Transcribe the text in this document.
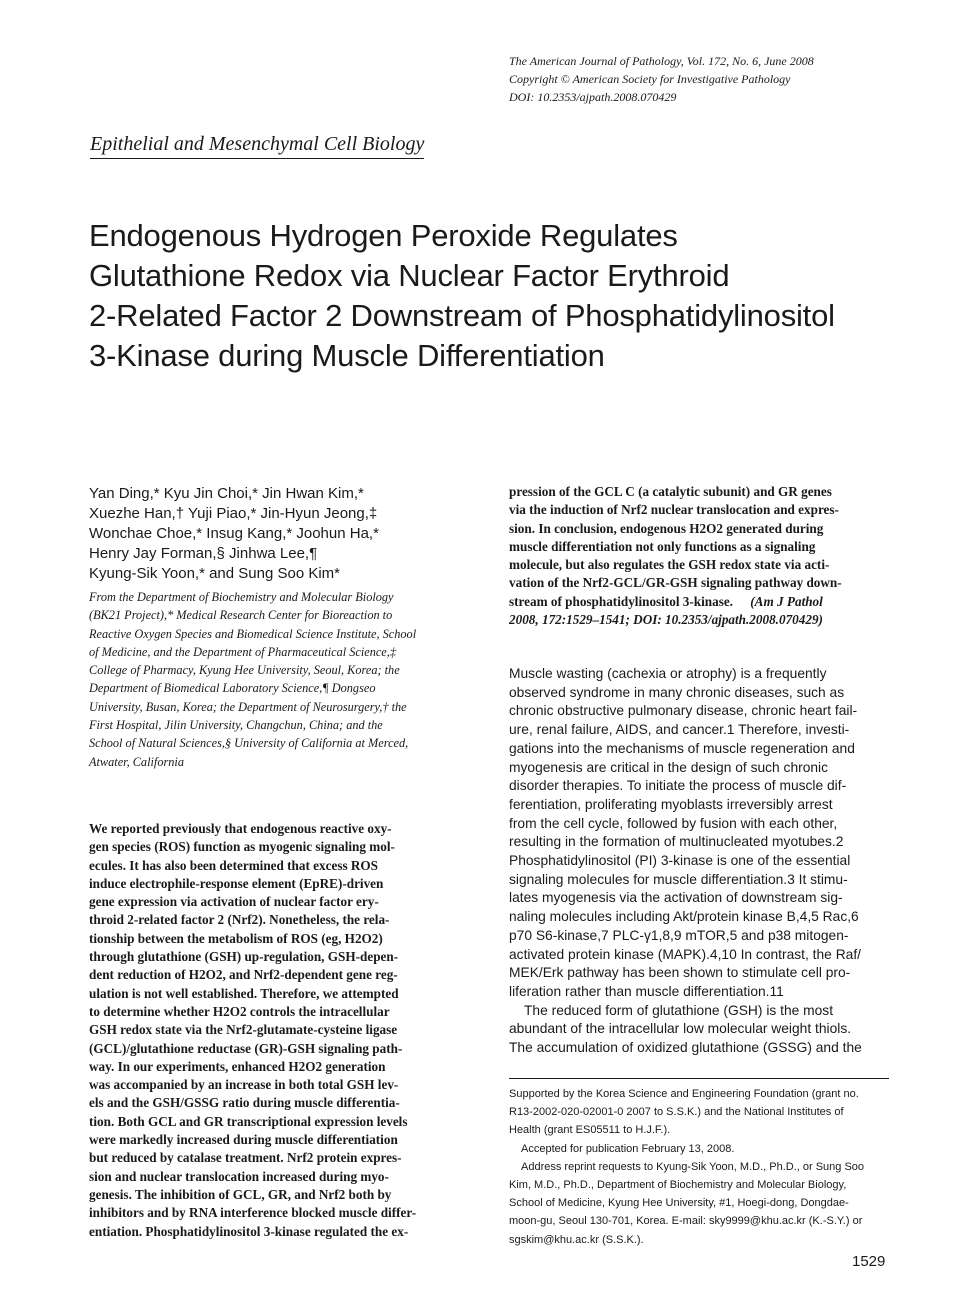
The American Journal of Pathology, Vol. 172, No. 6, June 2008
Copyright © American Society for Investigative Pathology
DOI: 10.2353/ajpath.2008.070429
Epithelial and Mesenchymal Cell Biology
Endogenous Hydrogen Peroxide Regulates
Glutathione Redox via Nuclear Factor Erythroid
2-Related Factor 2 Downstream of Phosphatidylinositol
3-Kinase during Muscle Differentiation
Yan Ding,* Kyu Jin Choi,* Jin Hwan Kim,*
Xuezhe Han,† Yuji Piao,* Jin-Hyun Jeong,‡
Wonchae Choe,* Insug Kang,* Joohun Ha,*
Henry Jay Forman,§ Jinhwa Lee,¶
Kyung-Sik Yoon,* and Sung Soo Kim*
From the Department of Biochemistry and Molecular Biology
(BK21 Project),* Medical Research Center for Bioreaction to
Reactive Oxygen Species and Biomedical Science Institute, School
of Medicine, and the Department of Pharmaceutical Science,‡
College of Pharmacy, Kyung Hee University, Seoul, Korea; the
Department of Biomedical Laboratory Science,¶ Dongseo
University, Busan, Korea; the Department of Neurosurgery,† the
First Hospital, Jilin University, Changchun, China; and the
School of Natural Sciences,§ University of California at Merced,
Atwater, California
We reported previously that endogenous reactive oxy-
gen species (ROS) function as myogenic signaling mol-
ecules. It has also been determined that excess ROS
induce electrophile-response element (EpRE)-driven
gene expression via activation of nuclear factor ery-
throid 2-related factor 2 (Nrf2). Nonetheless, the rela-
tionship between the metabolism of ROS (eg, H2O2)
through glutathione (GSH) up-regulation, GSH-depen-
dent reduction of H2O2, and Nrf2-dependent gene reg-
ulation is not well established. Therefore, we attempted
to determine whether H2O2 controls the intracellular
GSH redox state via the Nrf2-glutamate-cysteine ligase
(GCL)/glutathione reductase (GR)-GSH signaling path-
way. In our experiments, enhanced H2O2 generation
was accompanied by an increase in both total GSH lev-
els and the GSH/GSSG ratio during muscle differentia-
tion. Both GCL and GR transcriptional expression levels
were markedly increased during muscle differentiation
but reduced by catalase treatment. Nrf2 protein expres-
sion and nuclear translocation increased during myo-
genesis. The inhibition of GCL, GR, and Nrf2 both by
inhibitors and by RNA interference blocked muscle differ-
entiation. Phosphatidylinositol 3-kinase regulated the ex-
pression of the GCL C (a catalytic subunit) and GR genes
via the induction of Nrf2 nuclear translocation and expres-
sion. In conclusion, endogenous H2O2 generated during
muscle differentiation not only functions as a signaling
molecule, but also regulates the GSH redox state via acti-
vation of the Nrf2-GCL/GR-GSH signaling pathway down-
stream of phosphatidylinositol 3-kinase. (Am J Pathol
2008, 172:1529–1541; DOI: 10.2353/ajpath.2008.070429)
Muscle wasting (cachexia or atrophy) is a frequently
observed syndrome in many chronic diseases, such as
chronic obstructive pulmonary disease, chronic heart fail-
ure, renal failure, AIDS, and cancer.1 Therefore, investi-
gations into the mechanisms of muscle regeneration and
myogenesis are critical in the design of such chronic
disorder therapies. To initiate the process of muscle dif-
ferentiation, proliferating myoblasts irreversibly arrest
from the cell cycle, followed by fusion with each other,
resulting in the formation of multinucleated myotubes.2
Phosphatidylinositol (PI) 3-kinase is one of the essential
signaling molecules for muscle differentiation.3 It stimu-
lates myogenesis via the activation of downstream sig-
naling molecules including Akt/protein kinase B,4,5 Rac,6
p70 S6-kinase,7 PLC-γ1,8,9 mTOR,5 and p38 mitogen-
activated protein kinase (MAPK).4,10 In contrast, the Raf/
MEK/Erk pathway has been shown to stimulate cell pro-
liferation rather than muscle differentiation.11
The reduced form of glutathione (GSH) is the most
abundant of the intracellular low molecular weight thiols.
The accumulation of oxidized glutathione (GSSG) and the
Supported by the Korea Science and Engineering Foundation (grant no.
R13-2002-020-02001-0 2007 to S.S.K.) and the National Institutes of
Health (grant ES05511 to H.J.F.).
Accepted for publication February 13, 2008.
Address reprint requests to Kyung-Sik Yoon, M.D., Ph.D., or Sung Soo
Kim, M.D., Ph.D., Department of Biochemistry and Molecular Biology,
School of Medicine, Kyung Hee University, #1, Hoegi-dong, Dongdae-
moon-gu, Seoul 130-701, Korea. E-mail: sky9999@khu.ac.kr (K.-S.Y.) or
sgskim@khu.ac.kr (S.S.K.).
1529
